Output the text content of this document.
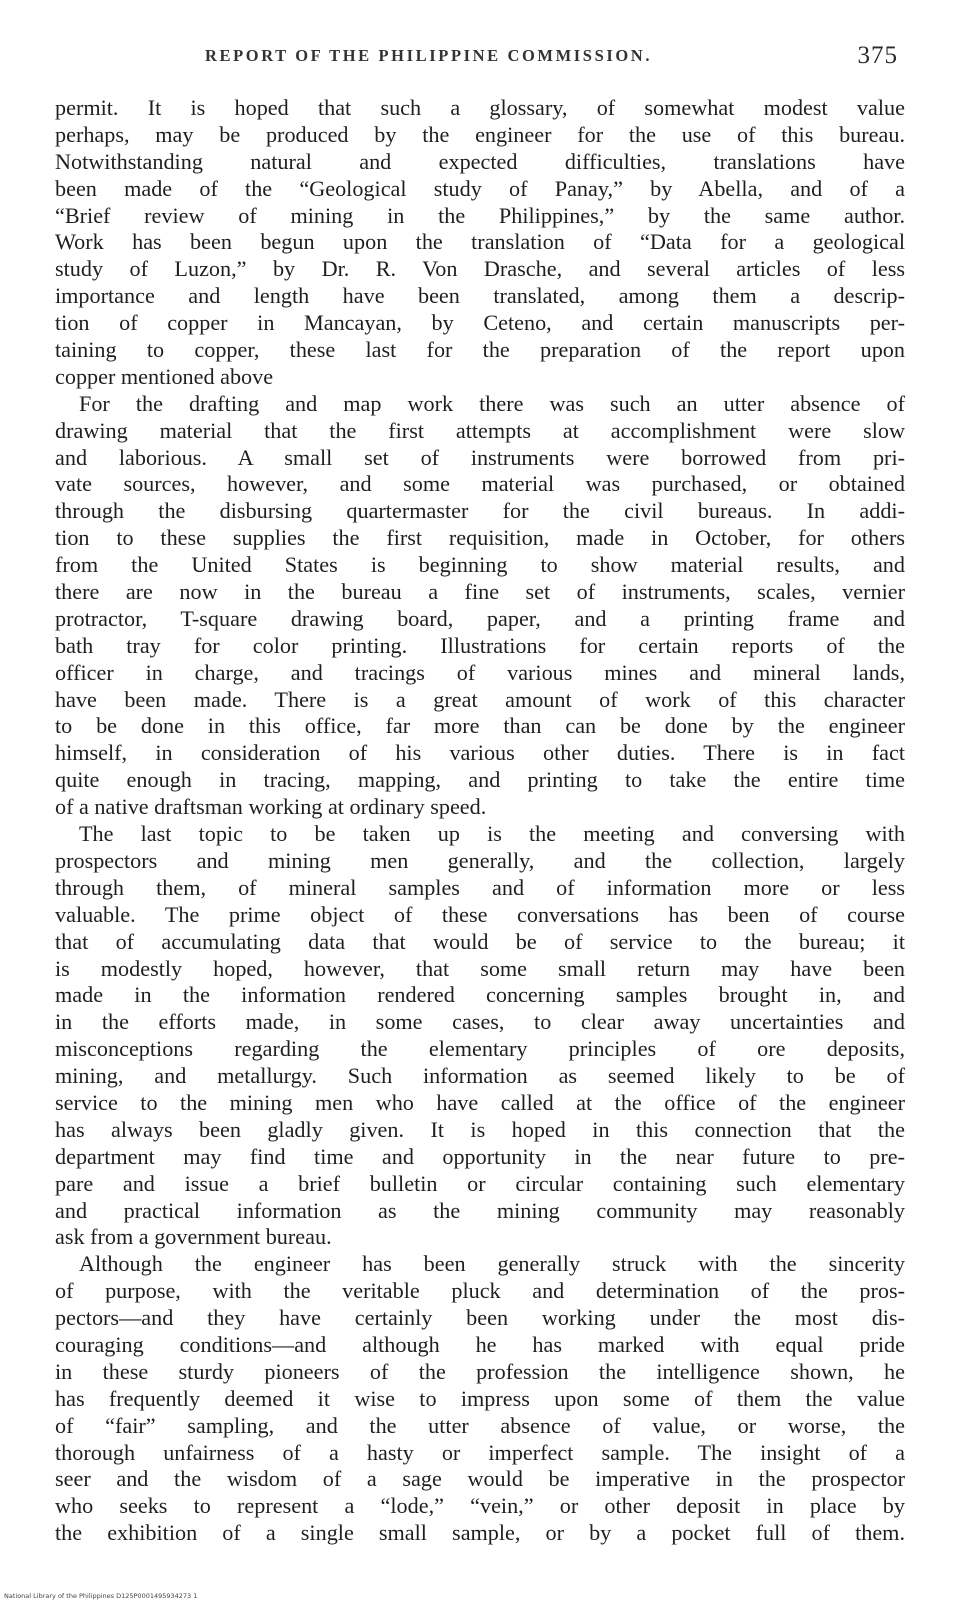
REPORT OF THE PHILIPPINE COMMISSION.	375
permit. It is hoped that such a glossary, of somewhat modest value
perhaps, may be produced by the engineer for the use of this bureau.
Notwithstanding natural and expected difficulties, translations have
been made of the “Geological study of Panay,” by Abella, and of a
“Brief review of mining in the Philippines,” by the same author.
Work has been begun upon the translation of “Data for a geological
study of Luzon,” by Dr. R. Von Drasche, and several articles of less
importance and length have been translated, among them a descrip-
tion of copper in Mancayan, by Ceteno, and certain manuscripts per-
taining to copper, these last for the preparation of the report upon
copper mentioned above
For the drafting and map work there was such an utter absence of
drawing material that the first attempts at accomplishment were slow
and laborious. A small set of instruments were borrowed from pri-
vate sources, however, and some material was purchased, or obtained
through the disbursing quartermaster for the civil bureaus. In addi-
tion to these supplies the first requisition, made in October, for others
from the United States is beginning to show material results, and
there are now in the bureau a fine set of instruments, scales, vernier
protractor, T-square drawing board, paper, and a printing frame and
bath tray for color printing. Illustrations for certain reports of the
officer in charge, and tracings of various mines and mineral lands,
have been made. There is a great amount of work of this character
to be done in this office, far more than can be done by the engineer
himself, in consideration of his various other duties. There is in fact
quite enough in tracing, mapping, and printing to take the entire time
of a native draftsman working at ordinary speed.
The last topic to be taken up is the meeting and conversing with
prospectors and mining men generally, and the collection, largely
through them, of mineral samples and of information more or less
valuable. The prime object of these conversations has been of course
that of accumulating data that would be of service to the bureau; it
is modestly hoped, however, that some small return may have been
made in the information rendered concerning samples brought in, and
in the efforts made, in some cases, to clear away uncertainties and
misconceptions regarding the elementary principles of ore deposits,
mining, and metallurgy. Such information as seemed likely to be of
service to the mining men who have called at the office of the engineer
has always been gladly given. It is hoped in this connection that the
department may find time and opportunity in the near future to pre-
pare and issue a brief bulletin or circular containing such elementary
and practical information as the mining community may reasonably
ask from a government bureau.
Although the engineer has been generally struck with the sincerity
of purpose, with the veritable pluck and determination of the pros-
pectors—and they have certainly been working under the most dis-
couraging conditions—and although he has marked with equal pride
in these sturdy pioneers of the profession the intelligence shown, he
has frequently deemed it wise to impress upon some of them the value
of “fair” sampling, and the utter absence of value, or worse, the
thorough unfairness of a hasty or imperfect sample. The insight of a
seer and the wisdom of a sage would be imperative in the prospector
who seeks to represent a “lode,” “vein,” or other deposit in place by
the exhibition of a single small sample, or by a pocket full of them.
National Library of the Philippines D125P0001495934273 1
